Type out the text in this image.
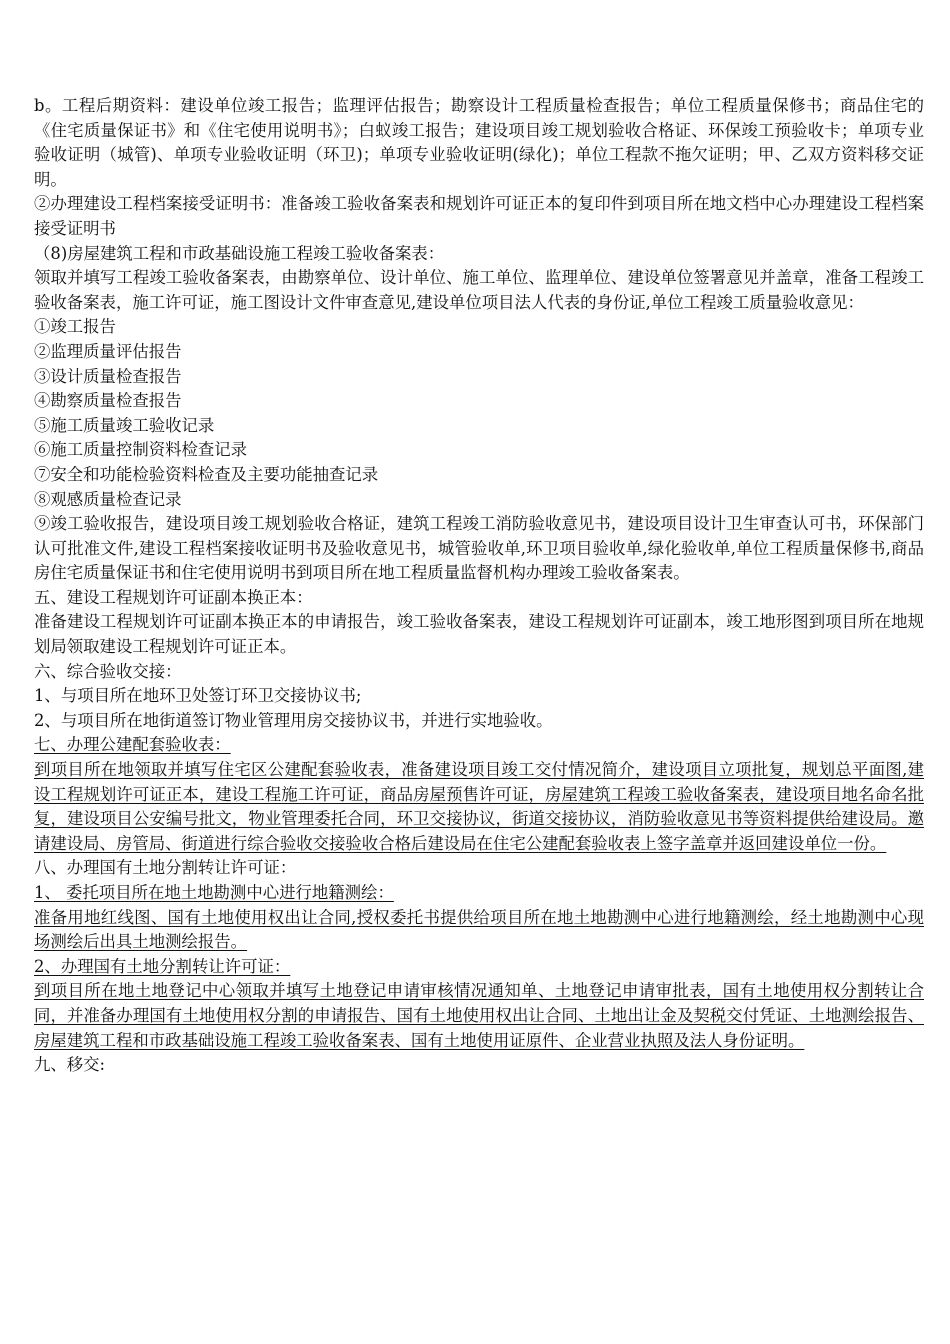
b。工程后期资料：建设单位竣工报告；监理评估报告；勘察设计工程质量检查报告；单位工程质量保修书；商品住宅的《住宅质量保证书》和《住宅使用说明书》；白蚁竣工报告；建设项目竣工规划验收合格证、环保竣工预验收卡；单项专业验收证明（城管)、单项专业验收证明（环卫)；单项专业验收证明(绿化)；单位工程款不拖欠证明；甲、乙双方资料移交证明。

②办理建设工程档案接受证明书：准备竣工验收备案表和规划许可证正本的复印件到项目所在地文档中心办理建设工程档案接受证明书

（8)房屋建筑工程和市政基础设施工程竣工验收备案表：

领取并填写工程竣工验收备案表，由勘察单位、设计单位、施工单位、监理单位、建设单位签署意见并盖章，准备工程竣工验收备案表，施工许可证，施工图设计文件审查意见,建设单位项目法人代表的身份证,单位工程竣工质量验收意见：

①竣工报告

②监理质量评估报告

③设计质量检查报告

④勘察质量检查报告

⑤施工质量竣工验收记录

⑥施工质量控制资料检查记录

⑦安全和功能检验资料检查及主要功能抽查记录

⑧观感质量检查记录

⑨竣工验收报告，建设项目竣工规划验收合格证，建筑工程竣工消防验收意见书，建设项目设计卫生审查认可书，环保部门认可批准文件,建设工程档案接收证明书及验收意见书，城管验收单,环卫项目验收单,绿化验收单,单位工程质量保修书,商品房住宅质量保证书和住宅使用说明书到项目所在地工程质量监督机构办理竣工验收备案表。

五、建设工程规划许可证副本换正本：

准备建设工程规划许可证副本换正本的申请报告，竣工验收备案表，建设工程规划许可证副本，竣工地形图到项目所在地规划局领取建设工程规划许可证正本。

六、综合验收交接：

1、与项目所在地环卫处签订环卫交接协议书;

2、与项目所在地街道签订物业管理用房交接协议书，并进行实地验收。

七、办理公建配套验收表：

到项目所在地领取并填写住宅区公建配套验收表，准备建设项目竣工交付情况简介，建设项目立项批复，规划总平面图,建设工程规划许可证正本，建设工程施工许可证，商品房屋预售许可证，房屋建筑工程竣工验收备案表，建设项目地名命名批复，建设项目公安编号批文，物业管理委托合同，环卫交接协议，街道交接协议，消防验收意见书等资料提供给建设局。邀请建设局、房管局、街道进行综合验收交接验收合格后建设局在住宅公建配套验收表上签字盖章并返回建设单位一份。

八、办理国有土地分割转让许可证：

1、 委托项目所在地土地勘测中心进行地籍测绘：

准备用地红线图、国有土地使用权出让合同,授权委托书提供给项目所在地土地勘测中心进行地籍测绘，经土地勘测中心现场测绘后出具土地测绘报告。

2、办理国有土地分割转让许可证：

到项目所在地土地登记中心领取并填写土地登记申请审核情况通知单、土地登记申请审批表，国有土地使用权分割转让合同，并准备办理国有土地使用权分割的申请报告、国有土地使用权出让合同、土地出让金及契税交付凭证、土地测绘报告、房屋建筑工程和市政基础设施工程竣工验收备案表、国有土地使用证原件、企业营业执照及法人身份证明。

九、移交:
